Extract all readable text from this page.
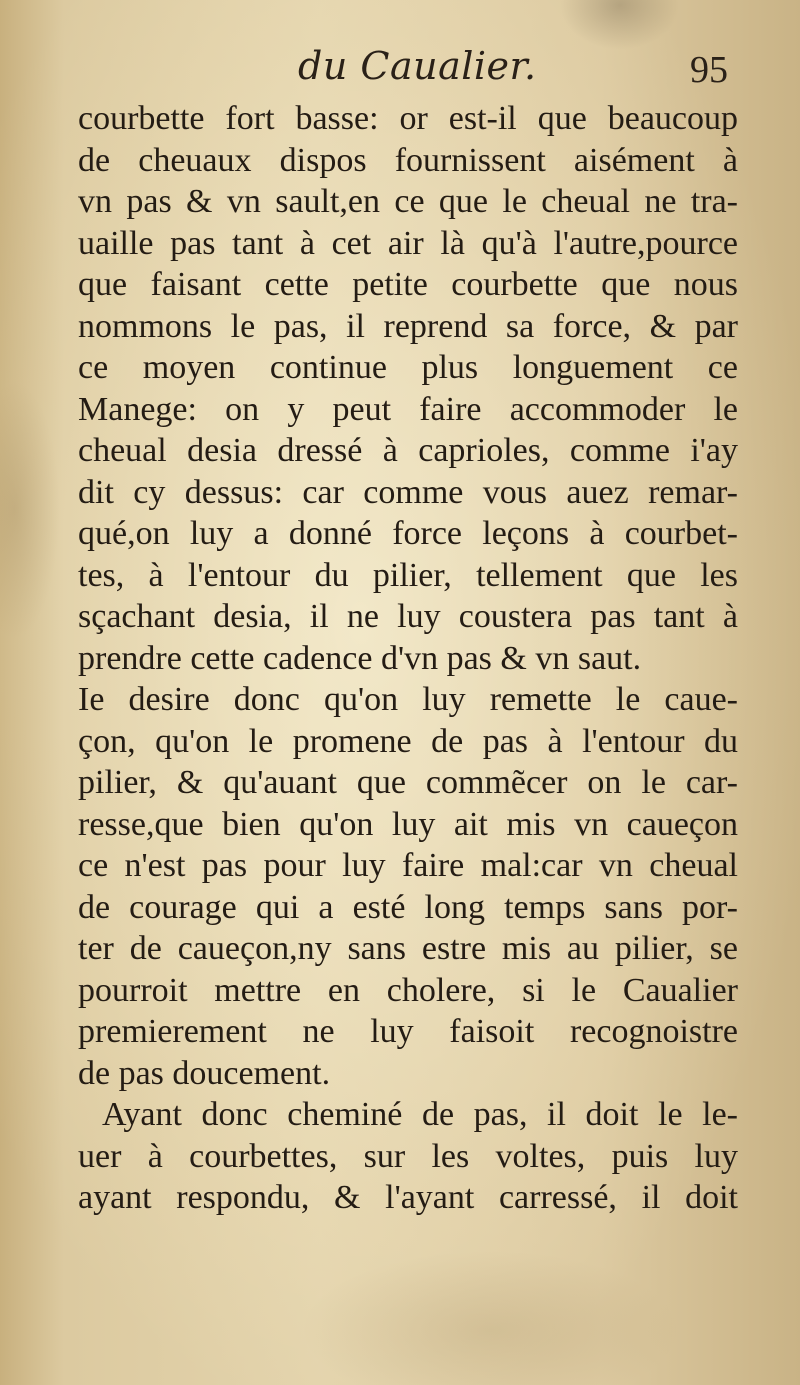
du Caualier.	95
courbette fort basse: or est-il que beaucoup
de cheuaux dispos fournissent aisément à
vn pas & vn sault,en ce que le cheual ne tra-
uaille pas tant à cet air là qu'à l'autre,pource
que faisant cette petite courbette que nous
nommons le pas, il reprend sa force, & par
ce moyen continue plus longuement ce
Manege: on y peut faire accommoder le
cheual desia dressé à caprioles, comme i'ay
dit cy dessus: car comme vous auez remar-
qué,on luy a donné force leçons à courbet-
tes, à l'entour du pilier, tellement que les
sçachant desia, il ne luy coustera pas tant à
prendre cette cadence d'vn pas & vn saut.
Ie desire donc qu'on luy remette le caue-
çon, qu'on le promene de pas à l'entour du
pilier, & qu'auant que commẽcer on le car-
resse,que bien qu'on luy ait mis vn caueçon
ce n'est pas pour luy faire mal:car vn cheual
de courage qui a esté long temps sans por-
ter de caueçon,ny sans estre mis au pilier, se
pourroit mettre en cholere, si le Caualier
premierement ne luy faisoit recognoistre
de pas doucement.
Ayant donc cheminé de pas, il doit le le-
uer à courbettes, sur les voltes, puis luy
ayant respondu, & l'ayant carressé, il doit
